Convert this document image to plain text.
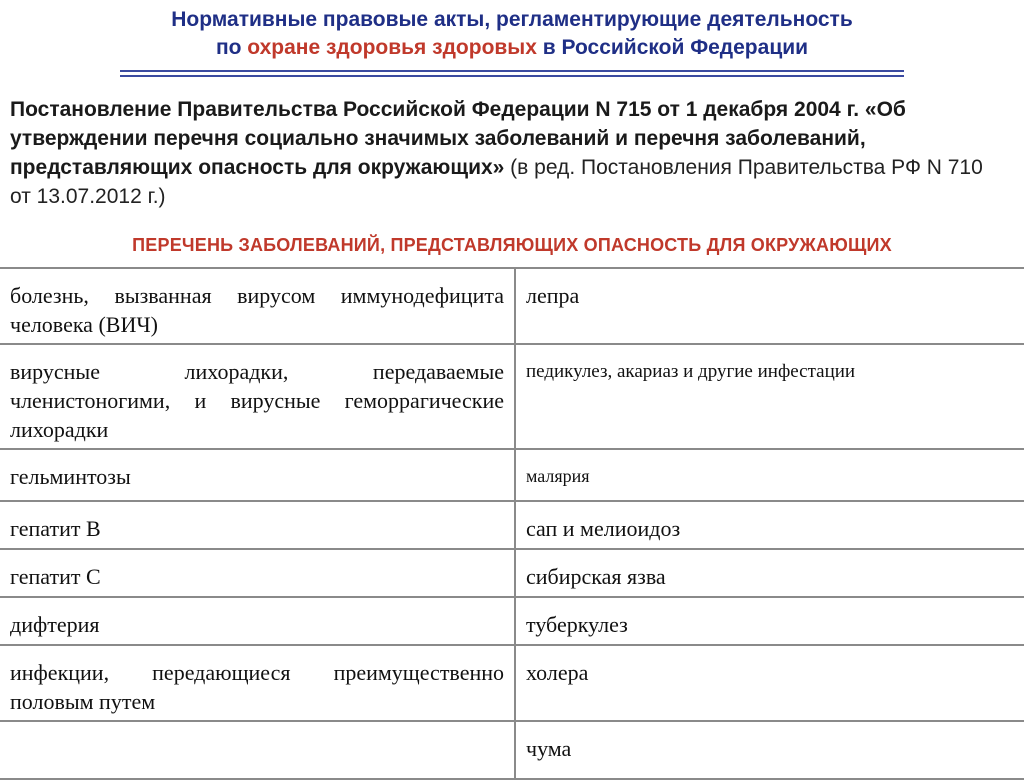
Нормативные правовые акты, регламентирующие деятельность
по охране здоровья здоровых в Российской Федерации
Постановление Правительства Российской Федерации N 715 от 1 декабря 2004 г. «Об утверждении перечня социально значимых заболеваний и перечня заболеваний, представляющих опасность для окружающих» (в ред. Постановления Правительства РФ N 710 от 13.07.2012 г.)
ПЕРЕЧЕНЬ ЗАБОЛЕВАНИЙ, ПРЕДСТАВЛЯЮЩИХ ОПАСНОСТЬ ДЛЯ ОКРУЖАЮЩИХ
болезнь, вызванная вирусом иммунодефицита человека (ВИЧ)	лепра
вирусные лихорадки, передаваемые членистоногими, и вирусные геморрагические лихорадки	педикулез, акариаз и другие инфестации
гельминтозы	малярия
гепатит В	сап и мелиоидоз
гепатит С	сибирская язва
дифтерия	туберкулез
инфекции, передающиеся преимущественно половым путем	холера
	чума
